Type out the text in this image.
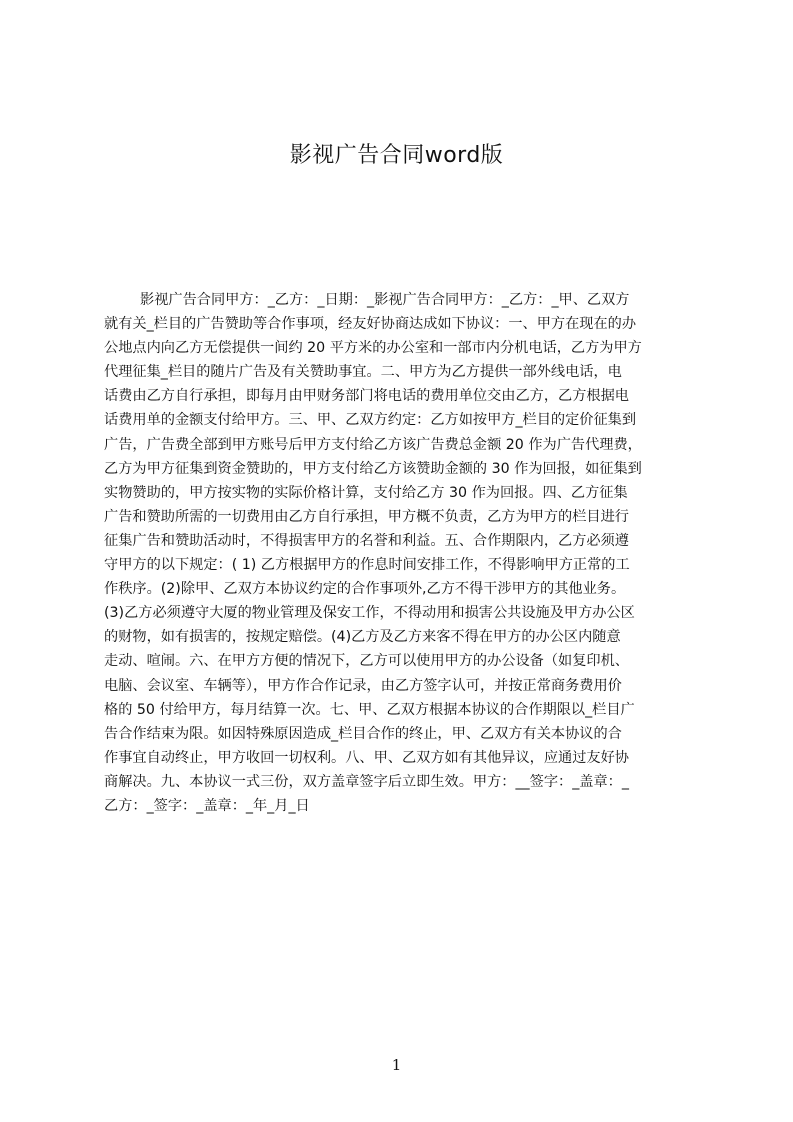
影视广告合同word版
影视广告合同甲方：_乙方：_日期：_影视广告合同甲方：_乙方：_甲、乙双方
就有关_栏目的广告赞助等合作事项，经友好协商达成如下协议：一、甲方在现在的办
公地点内向乙方无偿提供一间约 20 平方米的办公室和一部市内分机电话，乙方为甲方
代理征集_栏目的随片广告及有关赞助事宜。二、甲方为乙方提供一部外线电话，电
话费由乙方自行承担，即每月由甲财务部门将电话的费用单位交由乙方，乙方根据电
话费用单的金额支付给甲方。三、甲、乙双方约定：乙方如按甲方_栏目的定价征集到
广告，广告费全部到甲方账号后甲方支付给乙方该广告费总金额 20 作为广告代理费，
乙方为甲方征集到资金赞助的，甲方支付给乙方该赞助金额的 30 作为回报，如征集到
实物赞助的，甲方按实物的实际价格计算，支付给乙方 30 作为回报。四、乙方征集
广告和赞助所需的一切费用由乙方自行承担，甲方概不负责，乙方为甲方的栏目进行
征集广告和赞助活动时，不得损害甲方的名誉和利益。五、合作期限内，乙方必须遵
守甲方的以下规定：( 1) 乙方根据甲方的作息时间安排工作，不得影响甲方正常的工
作秩序。(2)除甲、乙双方本协议约定的合作事项外,乙方不得干涉甲方的其他业务。
(3)乙方必须遵守大厦的物业管理及保安工作，不得动用和损害公共设施及甲方办公区
的财物，如有损害的，按规定赔偿。(4)乙方及乙方来客不得在甲方的办公区内随意
走动、喧闹。六、在甲方方便的情况下，乙方可以使用甲方的办公设备（如复印机、
电脑、会议室、车辆等），甲方作合作记录，由乙方签字认可，并按正常商务费用价
格的 50 付给甲方，每月结算一次。七、甲、乙双方根据本协议的合作期限以_栏目广
告合作结束为限。如因特殊原因造成_栏目合作的终止，甲、乙双方有关本协议的合
作事宜自动终止，甲方收回一切权利。八、甲、乙双方如有其他异议，应通过友好协
商解决。九、本协议一式三份，双方盖章签字后立即生效。甲方：__签字：_盖章：_
乙方：_签字：_盖章：_年_月_日
1
